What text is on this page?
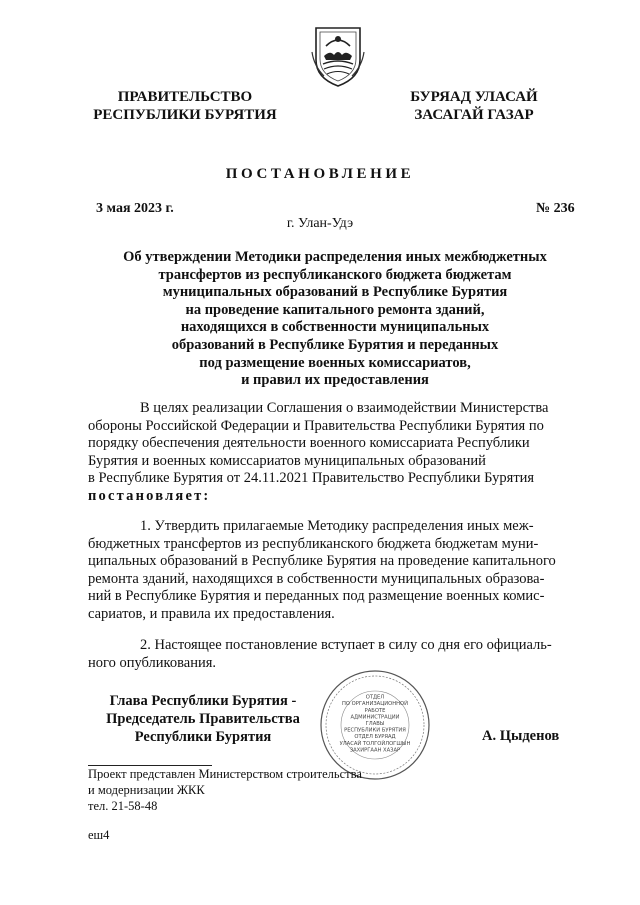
ПРАВИТЕЛЬСТВО
РЕСПУБЛИКИ БУРЯТИЯ
БУРЯАД УЛАСАЙ
ЗАСАГАЙ ГАЗАР
ПОСТАНОВЛЕНИЕ
3 мая 2023 г.	№ 236
г. Улан-Удэ
Об утверждении Методики распределения иных межбюджетных
трансфертов из республиканского бюджета бюджетам
муниципальных образований в Республике Бурятия
на проведение капитального ремонта зданий,
находящихся в собственности муниципальных
образований в Республике Бурятия и переданных
под размещение военных комиссариатов,
и правил их предоставления
В целях реализации Соглашения о взаимодействии Министерства
обороны Российской Федерации и Правительства Республики Бурятия по
порядку обеспечения деятельности военного комиссариата Республики
Бурятия и военных комиссариатов муниципальных образований
в Республике Бурятия от 24.11.2021 Правительство Республики Бурятия
постановляет:
1. Утвердить прилагаемые Методику распределения иных меж-
бюджетных трансфертов из республиканского бюджета бюджетам муни-
ципальных образований в Республике Бурятия на проведение капитального
ремонта зданий, находящихся в собственности муниципальных образова-
ний в Республике Бурятия и переданных под размещение военных комис-
сариатов, и правила их предоставления.
2. Настоящее постановление вступает в силу со дня его официаль-
ного опубликования.
Глава Республики Бурятия -
Председатель Правительства
Республики Бурятия
ОТДЕЛ ПО ОРГАНИЗАЦИОННОЙ РАБОТЕ АДМИНИСТРАЦИИ ГЛАВЫ РЕСПУБЛИКИ БУРЯТИЯ ОТДЕЛ БУРЯАД УЛАСАЙ ТОЛГОЙЛОГШЫН ЗАХИРГААН ХАЗАР
А. Цыденов
Проект представлен Министерством строительства
и модернизации ЖКК
тел. 21-58-48
еш4
